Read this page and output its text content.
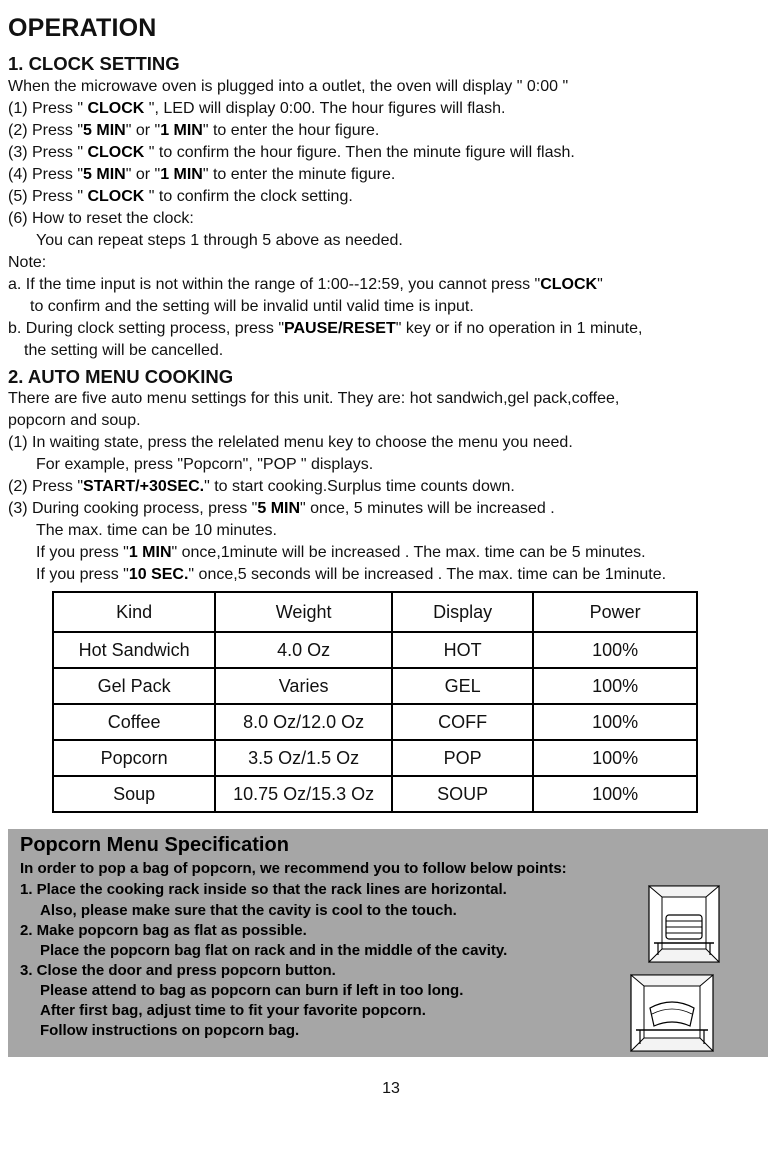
OPERATION
1. CLOCK SETTING
When the microwave oven is plugged into a outlet, the oven will display " 0:00 "
(1) Press " CLOCK ", LED will display 0:00. The hour figures will flash.
(2) Press "5 MIN" or "1 MIN" to enter the hour figure.
(3) Press " CLOCK " to confirm the hour figure. Then the minute figure will flash.
(4) Press "5 MIN" or "1 MIN" to enter the minute figure.
(5) Press " CLOCK " to confirm the clock setting.
(6) How to reset the clock:
You can repeat steps 1 through 5 above as needed.
Note:
a. If the time input is not within the range of 1:00--12:59, you cannot press "CLOCK"
to confirm and the setting will be invalid until valid time is input.
b. During clock setting process, press "PAUSE/RESET" key or if no operation in 1 minute,
the setting will be cancelled.
2. AUTO MENU COOKING
There are five auto menu settings for this unit. They are: hot sandwich,gel pack,coffee,
popcorn and soup.
(1) In waiting state, press the relelated menu key to choose the menu you need.
For example, press "Popcorn", "POP " displays.
(2) Press "START/+30SEC." to start cooking.Surplus time counts down.
(3) During cooking process, press "5 MIN" once, 5 minutes will be increased .
The max. time can be 10 minutes.
If you press "1 MIN" once,1minute will be increased . The max. time can be 5 minutes.
If you press "10 SEC." once,5 seconds will be increased . The max. time can be 1minute.
Kind	Weight	Display	Power
Hot Sandwich	4.0 Oz	HOT	100%
Gel Pack	Varies	GEL	100%
Coffee	8.0 Oz/12.0 Oz	COFF	100%
Popcorn	3.5 Oz/1.5 Oz	POP	100%
Soup	10.75 Oz/15.3 Oz	SOUP	100%
Popcorn Menu Specification
In order to pop a bag of popcorn, we recommend you to follow below points:
1. Place the cooking rack inside so that the rack lines are horizontal.
Also, please make sure that the cavity is cool to the touch.
2. Make popcorn bag as flat as possible.
Place the popcorn bag flat on rack and in the middle of the cavity.
3. Close the door and press popcorn button.
Please attend to bag as popcorn can burn if left in too long.
After first bag, adjust time to fit your favorite popcorn.
Follow instructions on popcorn bag.
13
